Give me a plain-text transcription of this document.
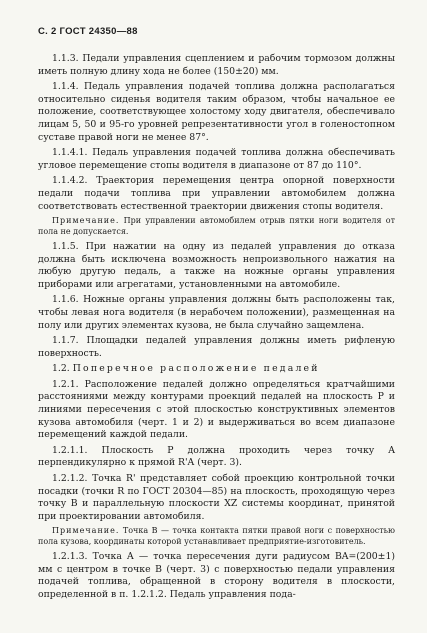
С. 2 ГОСТ 24350—88

1.1.3. Педали управления сцеплением и рабочим тормозом должны иметь полную длину хода не более (150±20) мм.

1.1.4. Педаль управления подачей топлива должна располагаться относительно сиденья водителя таким образом, чтобы начальное ее положение, соответствующее холостому ходу двигателя, обеспечивало лицам 5, 50 и 95-го уровней репрезентативности угол в голеностопном суставе правой ноги не менее 87°.

1.1.4.1. Педаль управления подачей топлива должна обеспечивать угловое перемещение стопы водителя в диапазоне от 87 до 110°.

1.1.4.2. Траектория перемещения центра опорной поверхности педали подачи топлива при управлении автомобилем должна соответствовать естественной траектории движения стопы водителя.

Примечание. При управлении автомобилем отрыв пятки ноги водителя от пола не допускается.

1.1.5. При нажатии на одну из педалей управления до отказа должна быть исключена возможность непроизвольного нажатия на любую другую педаль, а также на ножные органы управления приборами или агрегатами, установленными на автомобиле.

1.1.6. Ножные органы управления должны быть расположены так, чтобы левая нога водителя (в нерабочем положении), размещенная на полу или других элементах кузова, не была случайно защемлена.

1.1.7. Площадки педалей управления должны иметь рифленую поверхность.

1.2. Поперечное расположение педалей

1.2.1. Расположение педалей должно определяться кратчайшими расстояниями между контурами проекций педалей на плоскость P и линиями пересечения с этой плоскостью конструктивных элементов кузова автомобиля (черт. 1 и 2) и выдерживаться во всем диапазоне перемещений каждой педали.

1.2.1.1. Плоскость P должна проходить через точку A перпендикулярно к прямой R'A (черт. 3).

1.2.1.2. Точка R' представляет собой проекцию контрольной точки посадки (точки R по ГОСТ 20304—85) на плоскость, проходящую через точку B и параллельную плоскости XZ системы координат, принятой при проектировании автомобиля.

Примечание. Точка B — точка контакта пятки правой ноги с поверхностью пола кузова, координаты которой устанавливает предприятие-изготовитель.

1.2.1.3. Точка A — точка пересечения дуги радиусом BA=(200±1) мм с центром в точке B (черт. 3) с поверхностью педали управления подачей топлива, обращенной в сторону водителя в плоскости, определенной в п. 1.2.1.2. Педаль управления пода-
